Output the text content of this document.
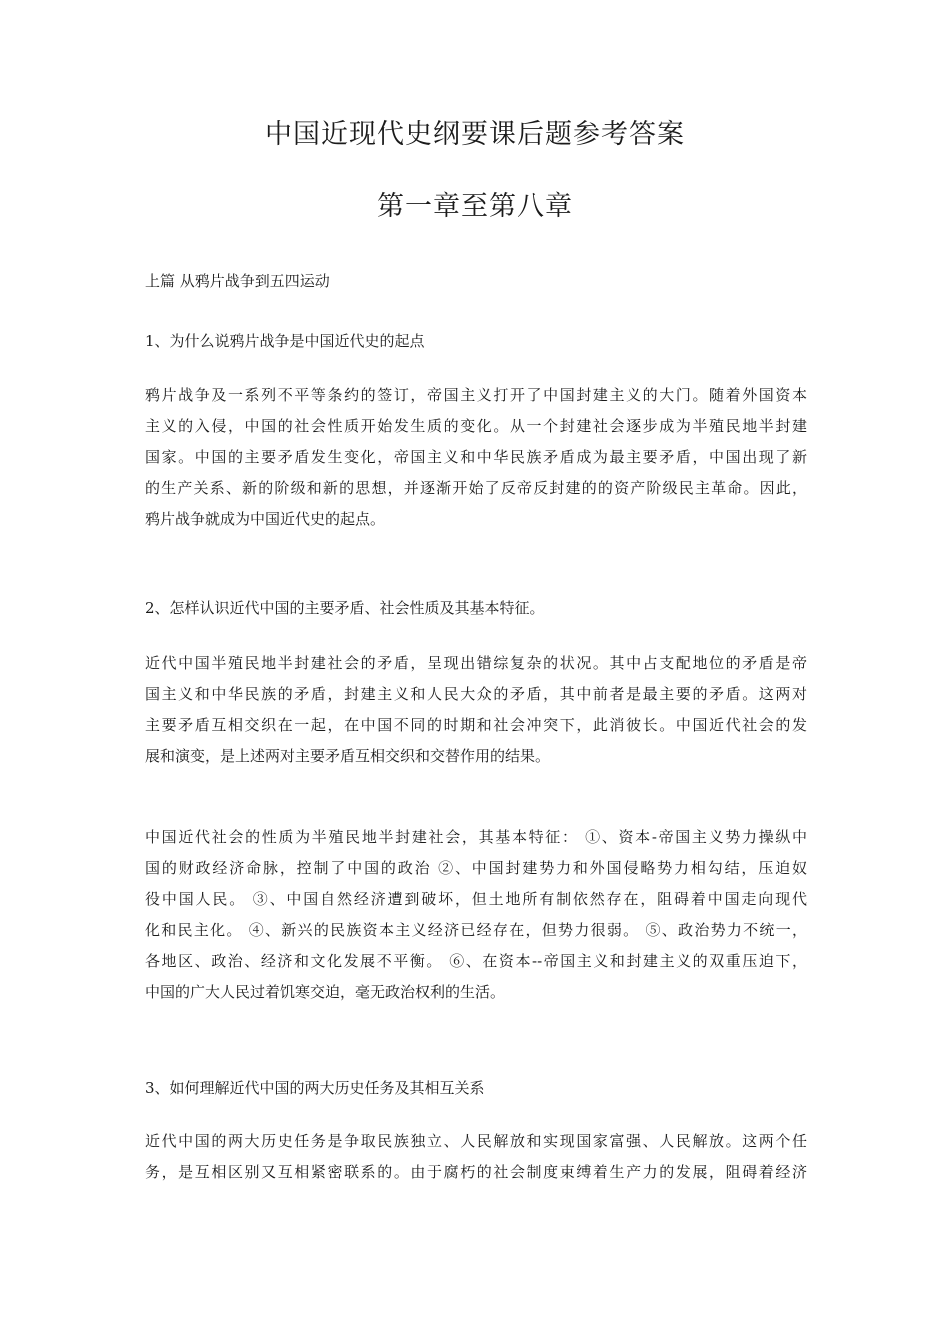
中国近现代史纲要课后题参考答案
第一章至第八章
上篇 从鸦片战争到五四运动
1、为什么说鸦片战争是中国近代史的起点
鸦片战争及一系列不平等条约的签订，帝国主义打开了中国封建主义的大门。随着外国资本
主义的入侵，中国的社会性质开始发生质的变化。从一个封建社会逐步成为半殖民地半封建
国家。中国的主要矛盾发生变化，帝国主义和中华民族矛盾成为最主要矛盾，中国出现了新
的生产关系、新的阶级和新的思想，并逐渐开始了反帝反封建的的资产阶级民主革命。因此，
鸦片战争就成为中国近代史的起点。
2、怎样认识近代中国的主要矛盾、社会性质及其基本特征。
近代中国半殖民地半封建社会的矛盾，呈现出错综复杂的状况。其中占支配地位的矛盾是帝
国主义和中华民族的矛盾，封建主义和人民大众的矛盾，其中前者是最主要的矛盾。这两对
主要矛盾互相交织在一起，在中国不同的时期和社会冲突下，此消彼长。中国近代社会的发
展和演变，是上述两对主要矛盾互相交织和交替作用的结果。
中国近代社会的性质为半殖民地半封建社会，其基本特征： ①、资本-帝国主义势力操纵中
国的财政经济命脉，控制了中国的政治 ②、中国封建势力和外国侵略势力相勾结，压迫奴
役中国人民。 ③、中国自然经济遭到破坏，但土地所有制依然存在，阻碍着中国走向现代
化和民主化。 ④、新兴的民族资本主义经济已经存在，但势力很弱。 ⑤、政治势力不统一，
各地区、政治、经济和文化发展不平衡。 ⑥、在资本--帝国主义和封建主义的双重压迫下，
中国的广大人民过着饥寒交迫，毫无政治权利的生活。
3、如何理解近代中国的两大历史任务及其相互关系
近代中国的两大历史任务是争取民族独立、人民解放和实现国家富强、人民解放。这两个任
务，是互相区别又互相紧密联系的。由于腐朽的社会制度束缚着生产力的发展，阻碍着经济
